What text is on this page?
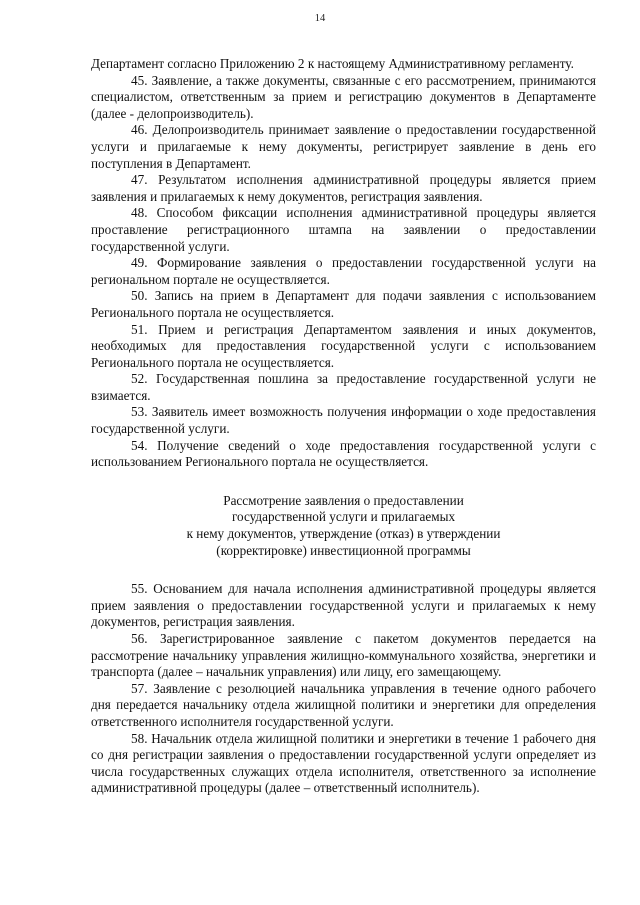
14

Департамент согласно Приложению 2 к настоящему Административному регламенту.

45. Заявление, а также документы, связанные с его рассмотрением, принимаются специалистом, ответственным за прием и регистрацию документов в Департаменте (далее - делопроизводитель).

46. Делопроизводитель принимает заявление о предоставлении государственной услуги и прилагаемые к нему документы, регистрирует заявление в день его поступления в Департамент.

47. Результатом исполнения административной процедуры является прием заявления и прилагаемых к нему документов, регистрация заявления.

48. Способом фиксации исполнения административной процедуры является проставление регистрационного штампа на заявлении о предоставлении государственной услуги.

49. Формирование заявления о предоставлении государственной услуги на региональном портале не осуществляется.

50. Запись на прием в Департамент для подачи заявления с использованием Регионального портала не осуществляется.

51. Прием и регистрация Департаментом заявления и иных документов, необходимых для предоставления государственной услуги с использованием Регионального портала не осуществляется.

52. Государственная пошлина за предоставление государственной услуги не взимается.

53. Заявитель имеет возможность получения информации о ходе предоставления государственной услуги.

54. Получение сведений о ходе предоставления государственной услуги с использованием Регионального портала не осуществляется.

Рассмотрение заявления о предоставлении
государственной услуги и прилагаемых
к нему документов, утверждение (отказ) в утверждении
(корректировке) инвестиционной программы

55. Основанием для начала исполнения административной процедуры является прием заявления о предоставлении государственной услуги и прилагаемых к нему документов, регистрация заявления.

56. Зарегистрированное заявление с пакетом документов передается на рассмотрение начальнику управления жилищно-коммунального хозяйства, энергетики и транспорта (далее – начальник управления) или лицу, его замещающему.

57. Заявление с резолюцией начальника управления в течение одного рабочего дня передается начальнику отдела жилищной политики и энергетики для определения ответственного исполнителя государственной услуги.

58. Начальник отдела жилищной политики и энергетики в течение 1 рабочего дня со дня регистрации заявления о предоставлении государственной услуги определяет из числа государственных служащих отдела исполнителя, ответственного за исполнение административной процедуры (далее – ответственный исполнитель).
